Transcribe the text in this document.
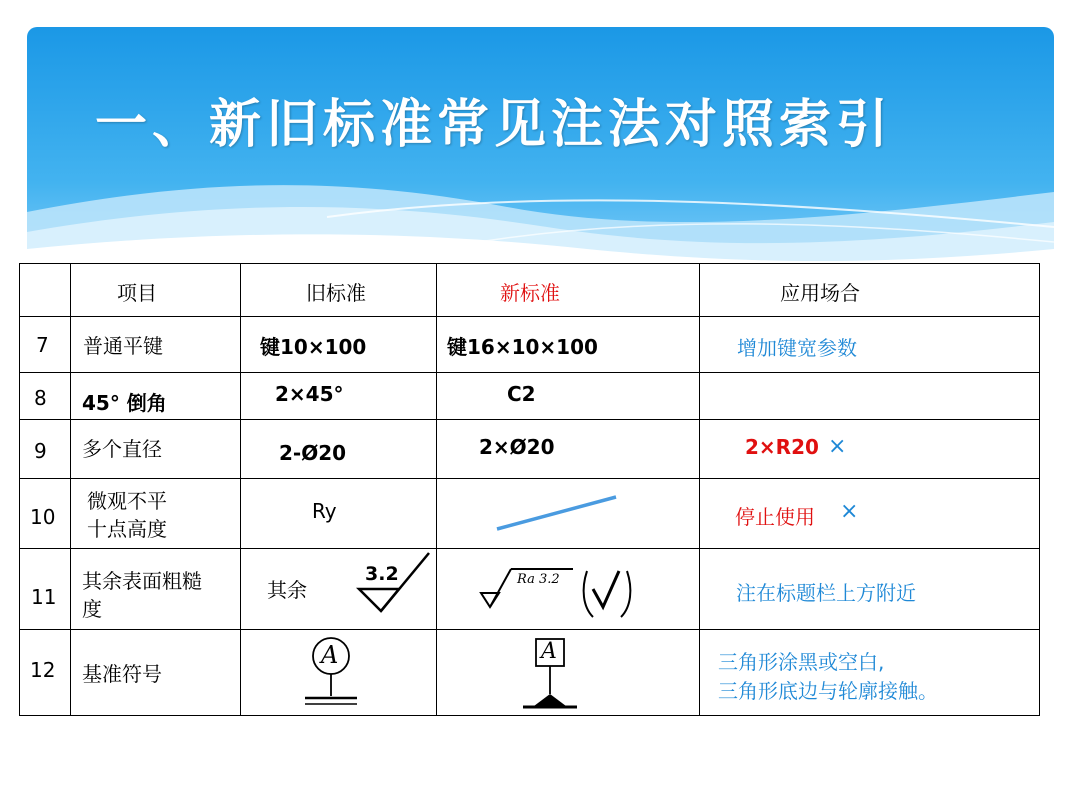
一、新旧标准常见注法对照索引

	项目	旧标准	新标准	应用场合

7	普通平键	键10×100	键16×10×100	增加键宽参数

8	45° 倒角	2×45°	C2	

9	多个直径	2-Ø20	2×Ø20	2×R20 ×

10	微观不平
十点高度	Ry		停止使用 ×

11	其余表面粗糙
度	其余
3.2	Ra 3.2	注在标题栏上方附近

12	基准符号	A	A	三角形涂黑或空白,
三角形底边与轮廓接触。
